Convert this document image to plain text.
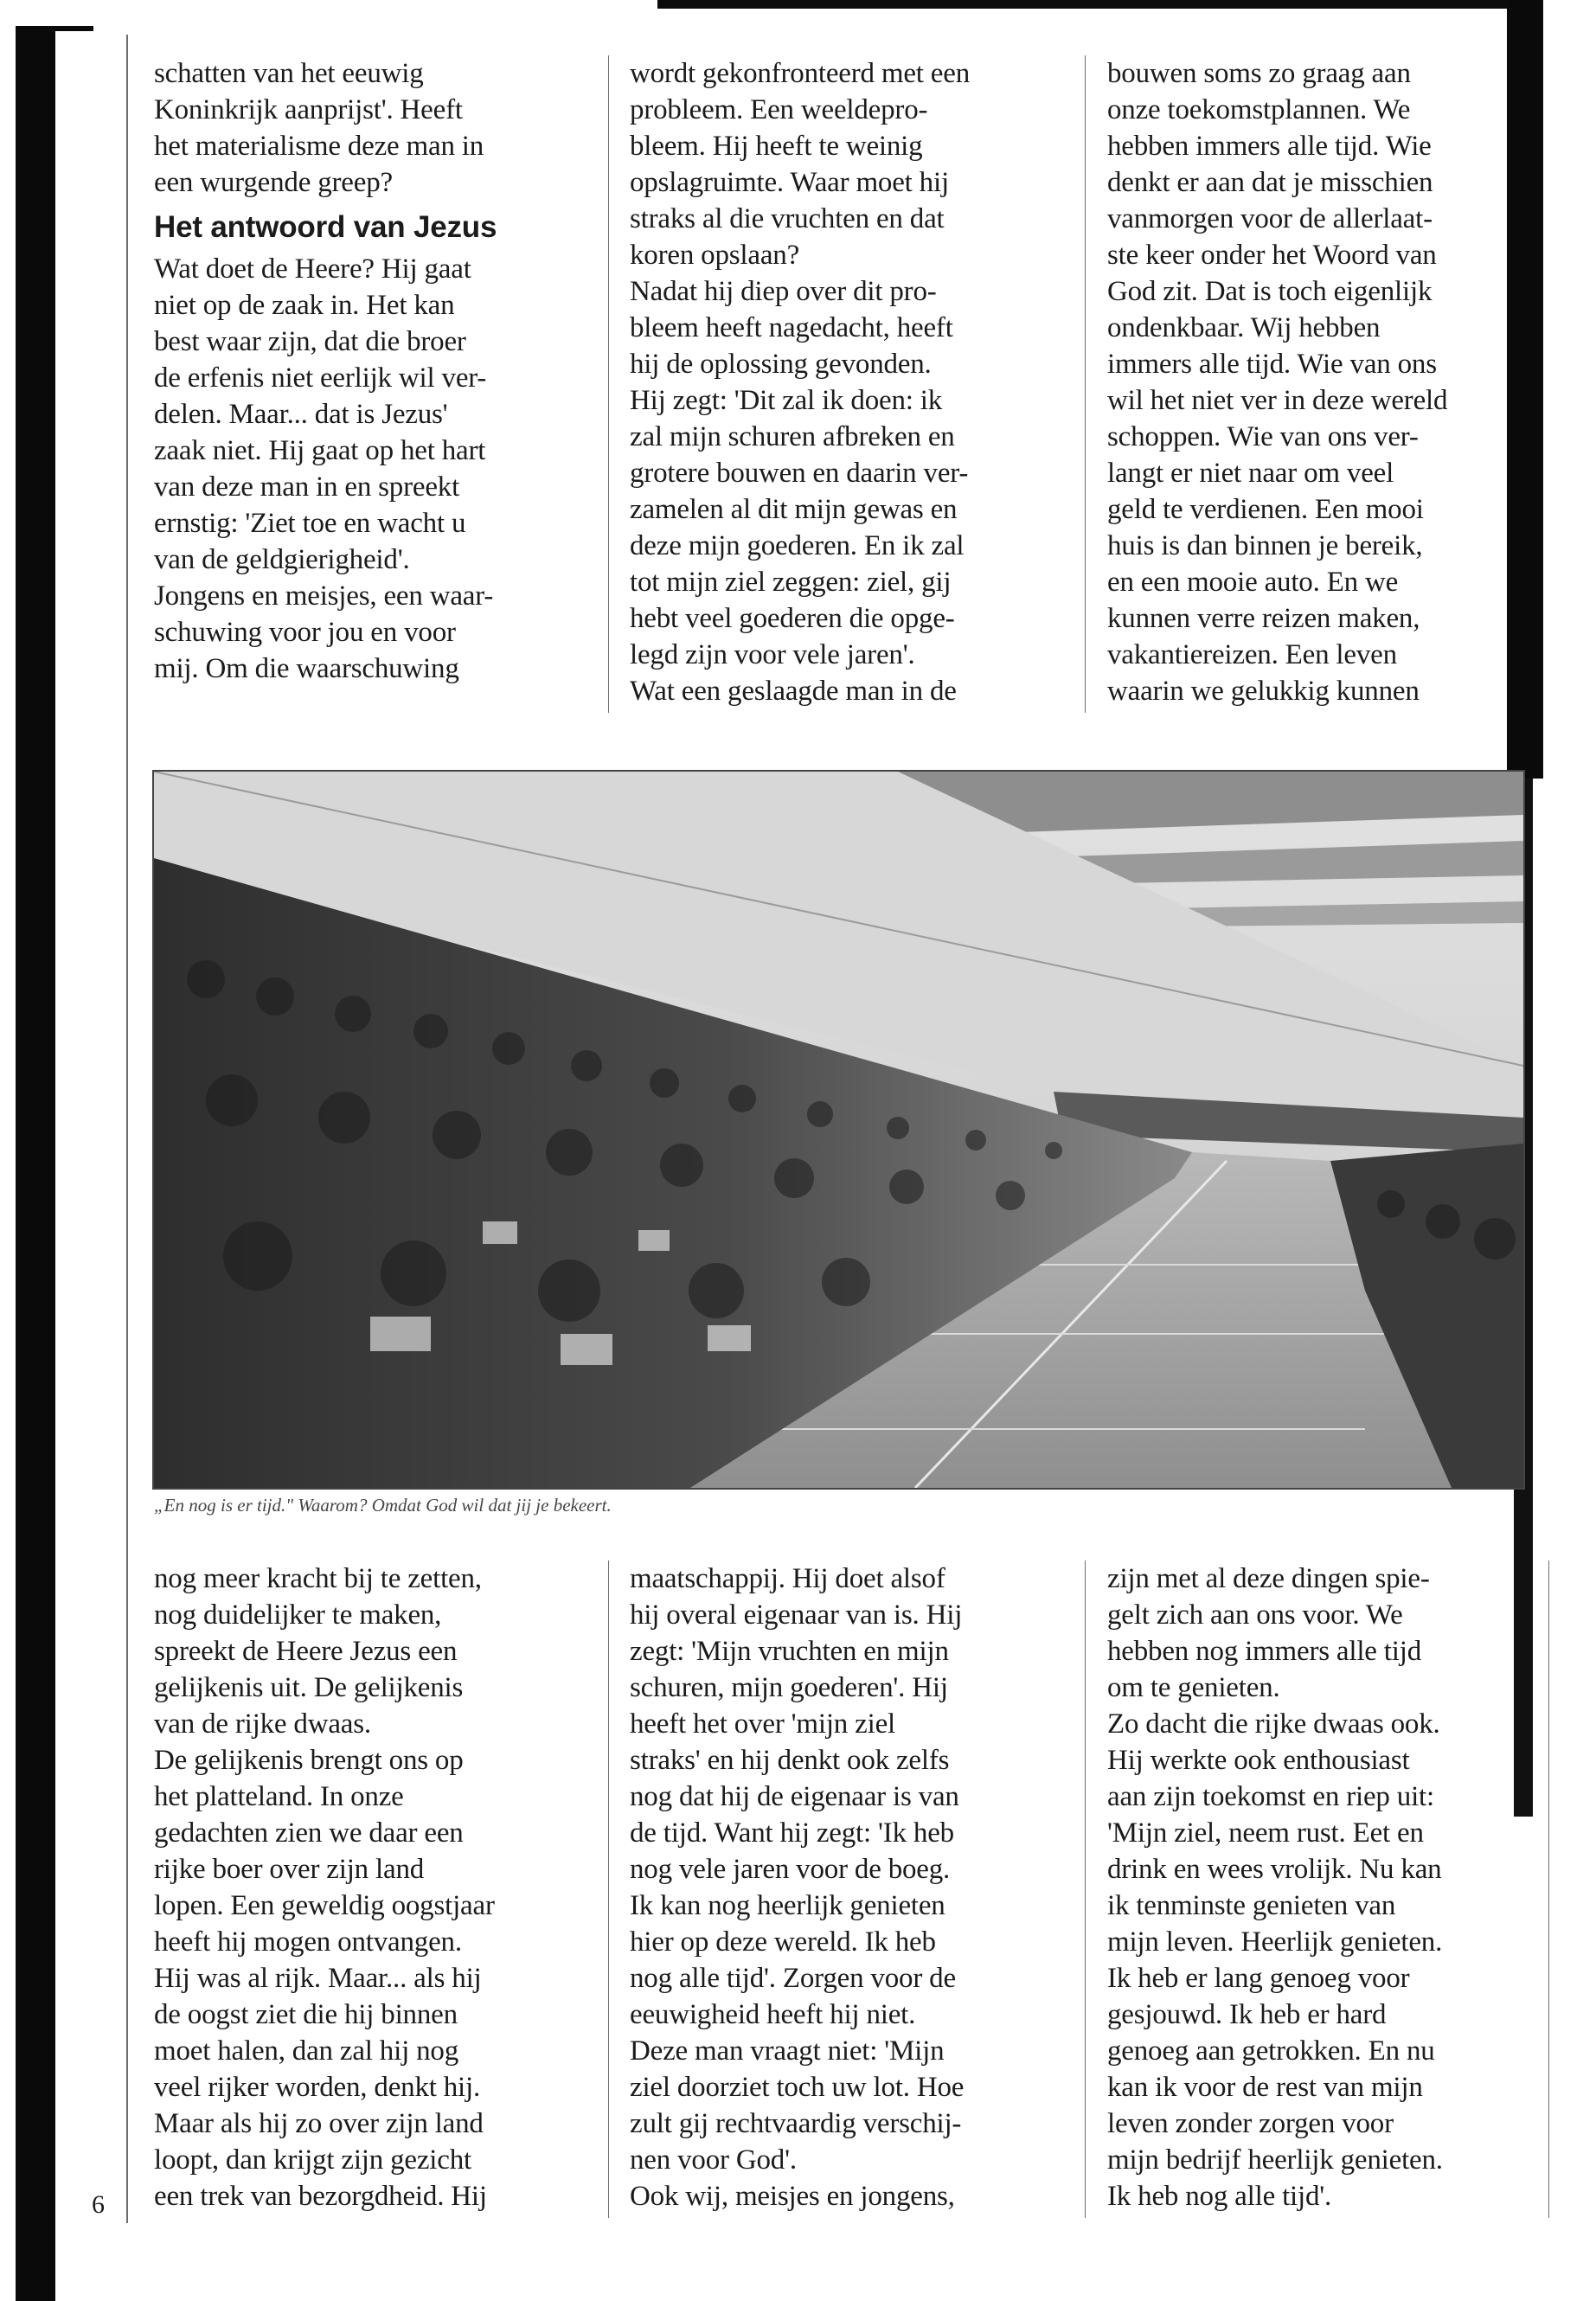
schatten van het eeuwig
Koninkrijk aanprijst'. Heeft
het materialisme deze man in
een wurgende greep?

Het antwoord van Jezus

Wat doet de Heere? Hij gaat
niet op de zaak in. Het kan
best waar zijn, dat die broer
de erfenis niet eerlijk wil ver-
delen. Maar... dat is Jezus'
zaak niet. Hij gaat op het hart
van deze man in en spreekt
ernstig: 'Ziet toe en wacht u
van de geldgierigheid'.
Jongens en meisjes, een waar-
schuwing voor jou en voor
mij. Om die waarschuwing

wordt gekonfronteerd met een
probleem. Een weeldepro-
bleem. Hij heeft te weinig
opslagruimte. Waar moet hij
straks al die vruchten en dat
koren opslaan?
Nadat hij diep over dit pro-
bleem heeft nagedacht, heeft
hij de oplossing gevonden.
Hij zegt: 'Dit zal ik doen: ik
zal mijn schuren afbreken en
grotere bouwen en daarin ver-
zamelen al dit mijn gewas en
deze mijn goederen. En ik zal
tot mijn ziel zeggen: ziel, gij
hebt veel goederen die opge-
legd zijn voor vele jaren'.
Wat een geslaagde man in de

bouwen soms zo graag aan
onze toekomstplannen. We
hebben immers alle tijd. Wie
denkt er aan dat je misschien
vanmorgen voor de allerlaat-
ste keer onder het Woord van
God zit. Dat is toch eigenlijk
ondenkbaar. Wij hebben
immers alle tijd. Wie van ons
wil het niet ver in deze wereld
schoppen. Wie van ons ver-
langt er niet naar om veel
geld te verdienen. Een mooi
huis is dan binnen je bereik,
en een mooie auto. En we
kunnen verre reizen maken,
vakantiereizen. Een leven
waarin we gelukkig kunnen

„En nog is er tijd." Waarom? Omdat God wil dat jij je bekeert.

nog meer kracht bij te zetten,
nog duidelijker te maken,
spreekt de Heere Jezus een
gelijkenis uit. De gelijkenis
van de rijke dwaas.
De gelijkenis brengt ons op
het platteland. In onze
gedachten zien we daar een
rijke boer over zijn land
lopen. Een geweldig oogstjaar
heeft hij mogen ontvangen.
Hij was al rijk. Maar... als hij
de oogst ziet die hij binnen
moet halen, dan zal hij nog
veel rijker worden, denkt hij.
Maar als hij zo over zijn land
loopt, dan krijgt zijn gezicht
een trek van bezorgdheid. Hij

maatschappij. Hij doet alsof
hij overal eigenaar van is. Hij
zegt: 'Mijn vruchten en mijn
schuren, mijn goederen'. Hij
heeft het over 'mijn ziel
straks' en hij denkt ook zelfs
nog dat hij de eigenaar is van
de tijd. Want hij zegt: 'Ik heb
nog vele jaren voor de boeg.
Ik kan nog heerlijk genieten
hier op deze wereld. Ik heb
nog alle tijd'. Zorgen voor de
eeuwigheid heeft hij niet.
Deze man vraagt niet: 'Mijn
ziel doorziet toch uw lot. Hoe
zult gij rechtvaardig verschij-
nen voor God'.
Ook wij, meisjes en jongens,

zijn met al deze dingen spie-
gelt zich aan ons voor. We
hebben nog immers alle tijd
om te genieten.
Zo dacht die rijke dwaas ook.
Hij werkte ook enthousiast
aan zijn toekomst en riep uit:
'Mijn ziel, neem rust. Eet en
drink en wees vrolijk. Nu kan
ik tenminste genieten van
mijn leven. Heerlijk genieten.
Ik heb er lang genoeg voor
gesjouwd. Ik heb er hard
genoeg aan getrokken. En nu
kan ik voor de rest van mijn
leven zonder zorgen voor
mijn bedrijf heerlijk genieten.
Ik heb nog alle tijd'.

6
